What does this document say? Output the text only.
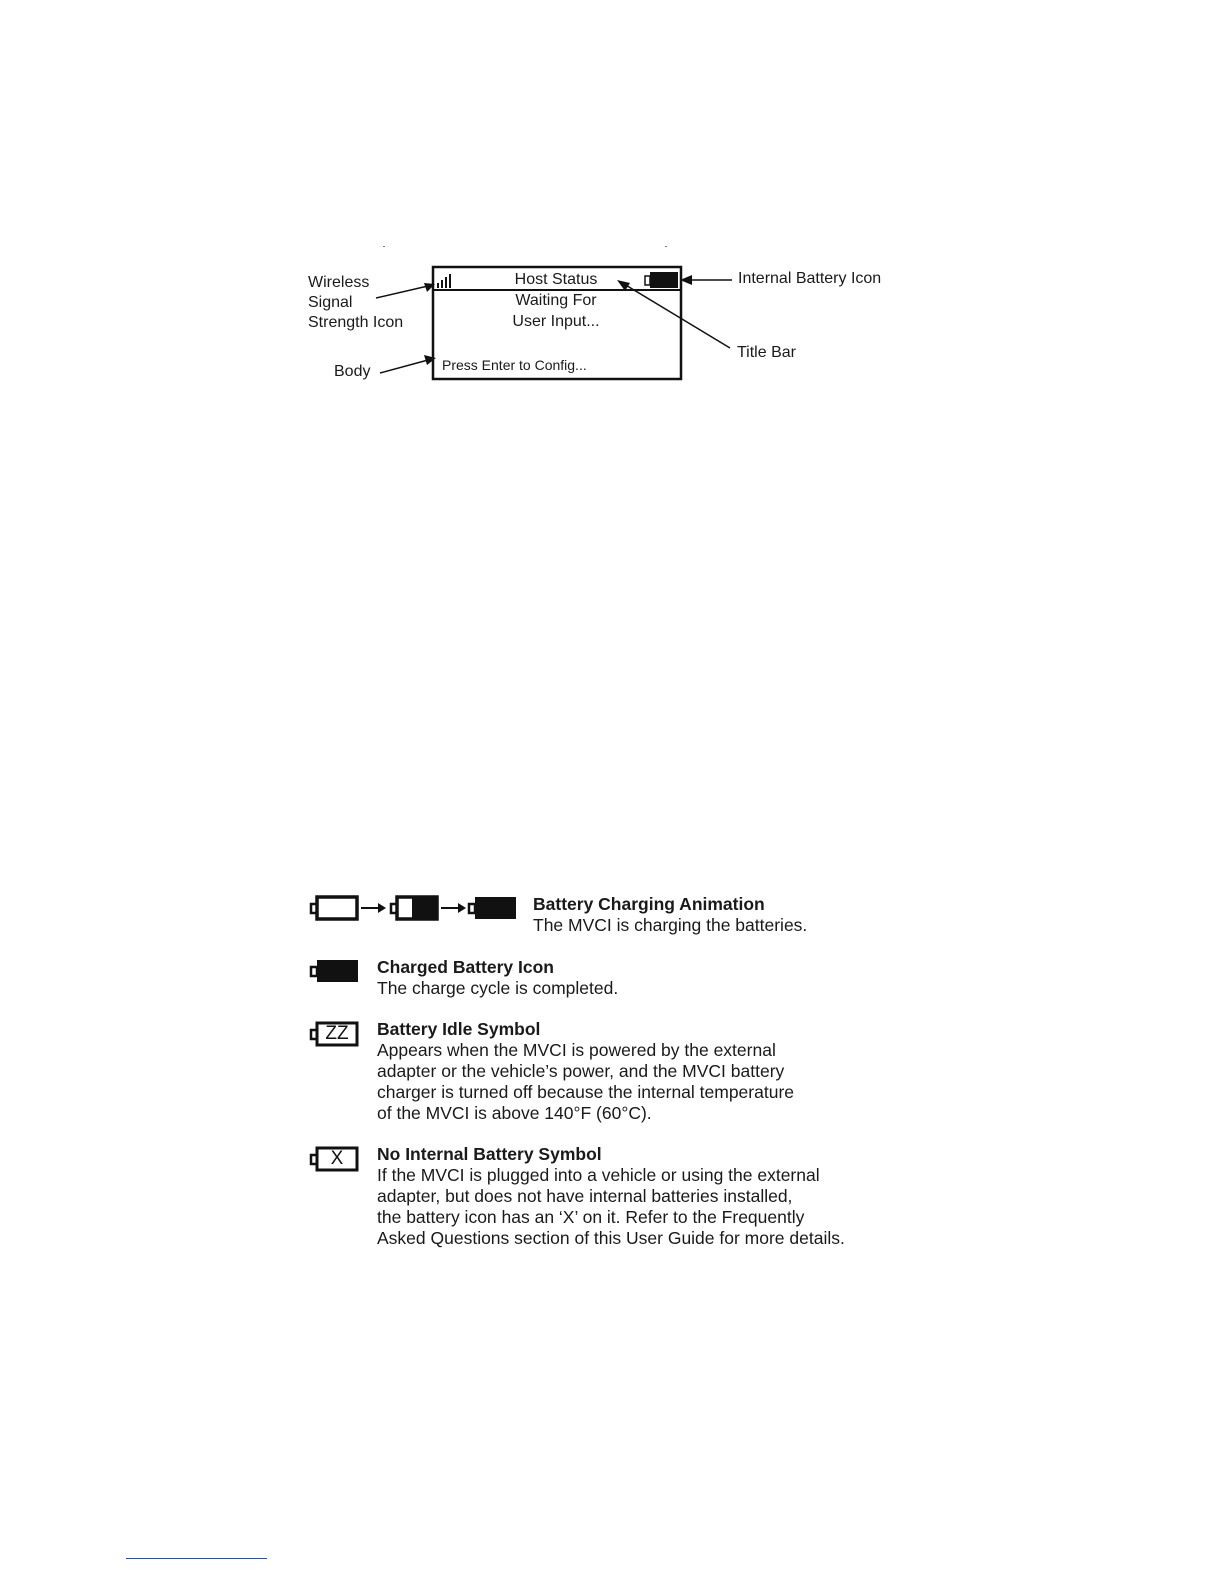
Host Status
Waiting For
User Input...
Press Enter to Config...
Wireless
Signal
Strength Icon
Body
Internal Battery Icon
Title Bar
Battery Charging Animation
The MVCI is charging the batteries.
Charged Battery Icon
The charge cycle is completed.
ZZ	Battery Idle Symbol
Appears when the MVCI is powered by the external
adapter or the vehicle’s power, and the MVCI battery
charger is turned off because the internal temperature
of the MVCI is above 140°F (60°C).
X	No Internal Battery Symbol
If the MVCI is plugged into a vehicle or using the external
adapter, but does not have internal batteries installed,
the battery icon has an ‘X’ on it. Refer to the Frequently
Asked Questions section of this User Guide for more details.
